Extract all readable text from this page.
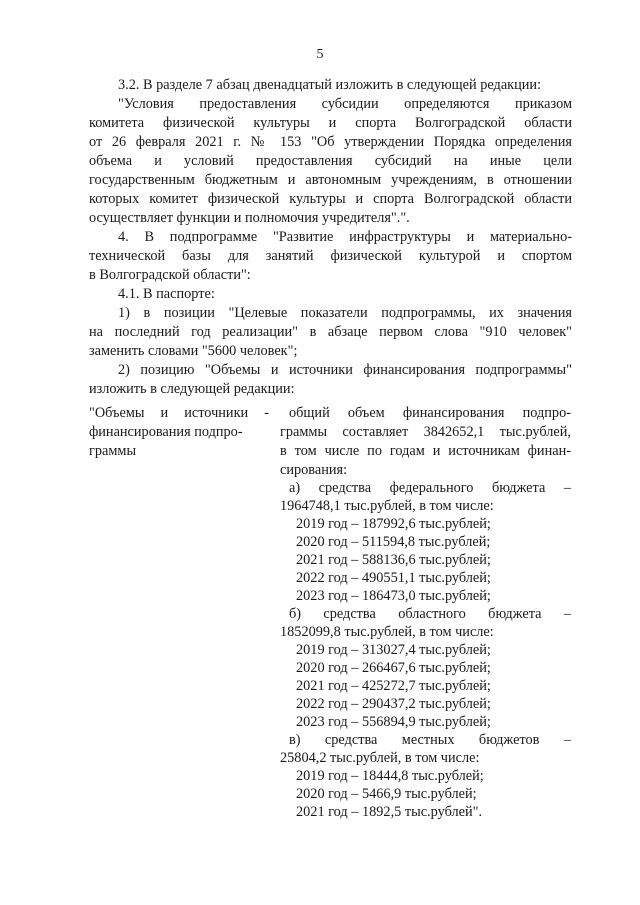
5
3.2. В разделе 7 абзац двенадцатый изложить в следующей редакции:
"Условия предоставления субсидии определяются приказом
комитета физической культуры и спорта Волгоградской области
от 26 февраля 2021 г. № 153 "Об утверждении Порядка определения
объема и условий предоставления субсидий на иные цели
государственным бюджетным и автономным учреждениям, в отношении
которых комитет физической культуры и спорта Волгоградской области
осуществляет функции и полномочия учредителя".".
4. В подпрограмме "Развитие инфраструктуры и материально-
технической базы для занятий физической культурой и спортом
в Волгоградской области":
4.1. В паспорте:
1) в позиции "Целевые показатели подпрограммы, их значения
на последний год реализации" в абзаце первом слова "910 человек"
заменить словами "5600 человек";
2) позицию "Объемы и источники финансирования подпрограммы"
изложить в следующей редакции:
"Объемы и источники -
финансирования подпро-
граммы
общий объем финансирования подпро-
граммы составляет 3842652,1 тыс.рублей,
в том числе по годам и источникам финан-
сирования:
а) средства федерального бюджета –
1964748,1 тыс.рублей, в том числе:
2019 год – 187992,6 тыс.рублей;
2020 год – 511594,8 тыс.рублей;
2021 год – 588136,6 тыс.рублей;
2022 год – 490551,1 тыс.рублей;
2023 год – 186473,0 тыс.рублей;
б) средства областного бюджета –
1852099,8 тыс.рублей, в том числе:
2019 год – 313027,4 тыс.рублей;
2020 год – 266467,6 тыс.рублей;
2021 год – 425272,7 тыс.рублей;
2022 год – 290437,2 тыс.рублей;
2023 год – 556894,9 тыс.рублей;
в) средства местных бюджетов –
25804,2 тыс.рублей, в том числе:
2019 год – 18444,8 тыс.рублей;
2020 год – 5466,9 тыс.рублей;
2021 год – 1892,5 тыс.рублей".
